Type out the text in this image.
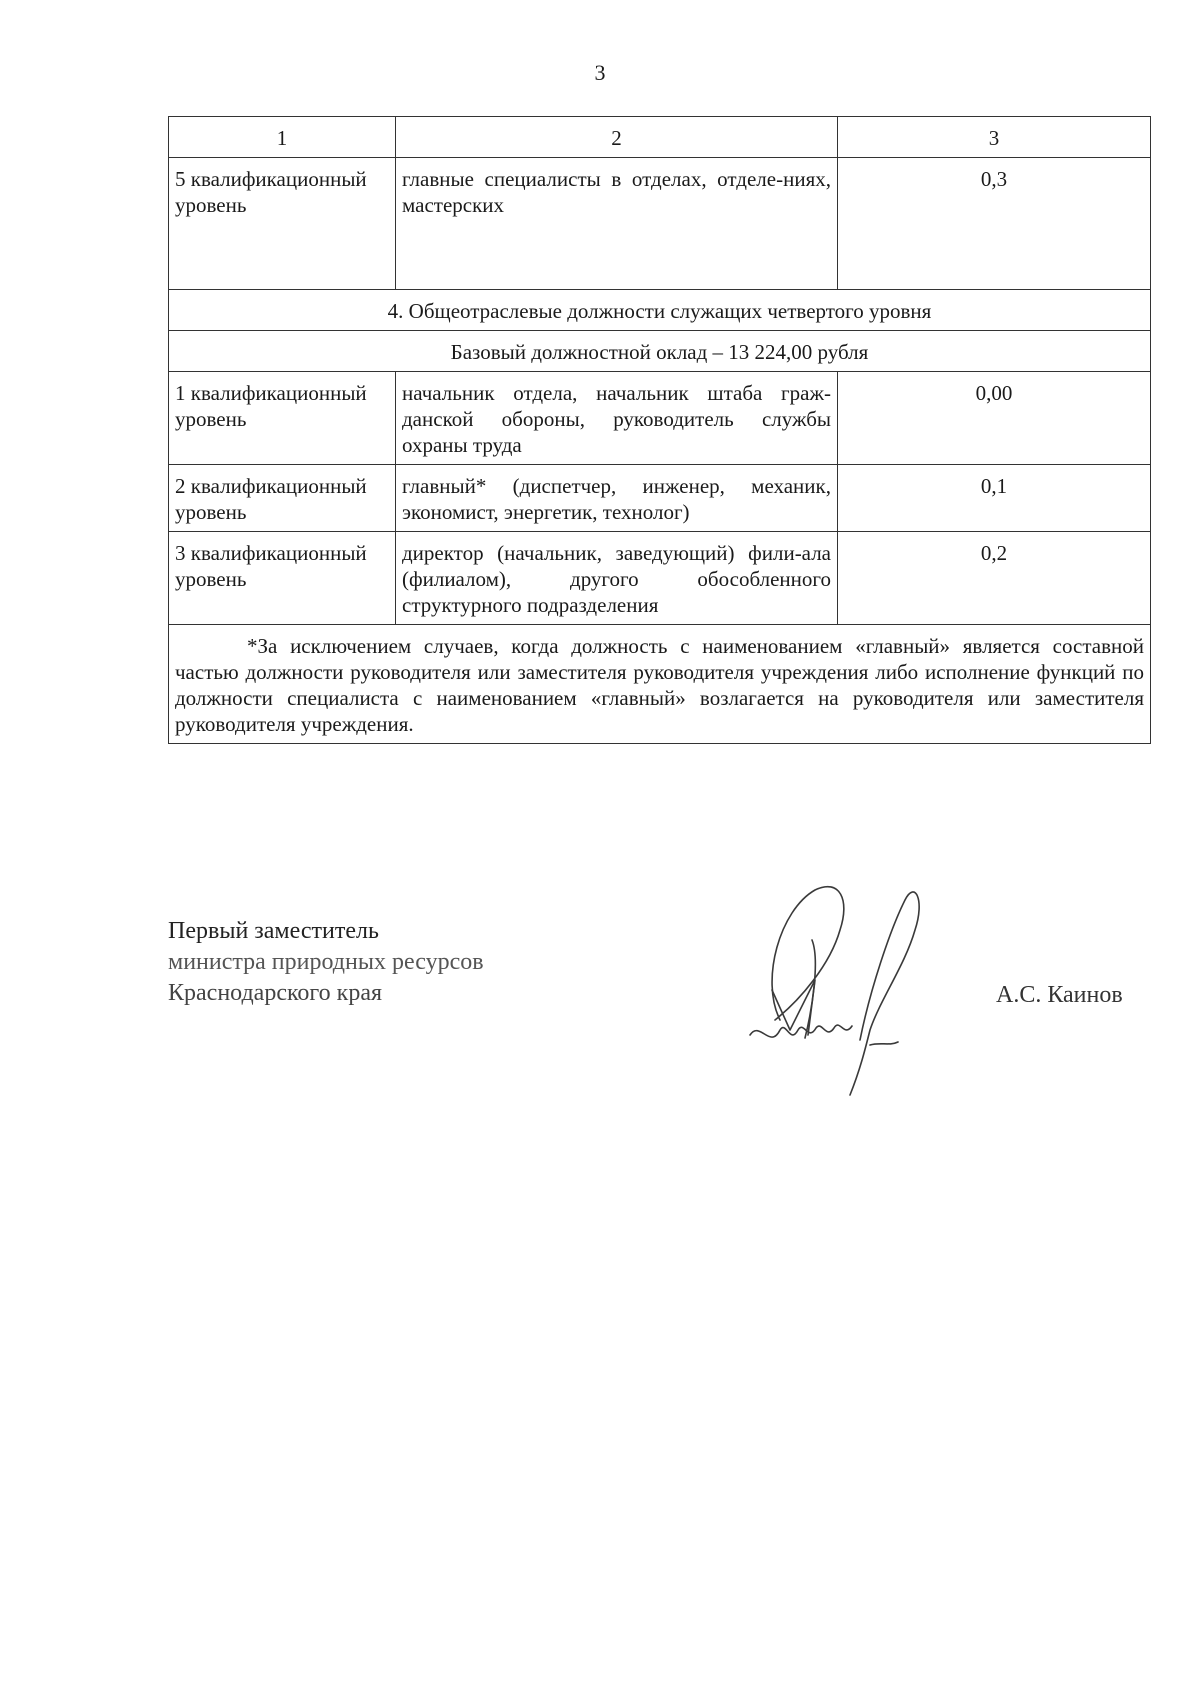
3
1	2	3
5 квалификационный уровень	главные специалисты в отделах, отделе-ниях, мастерских	0,3
4. Общеотраслевые должности служащих четвертого уровня		
Базовый должностной оклад – 13 224,00 рубля		
1 квалификационный уровень	начальник отдела, начальник штаба граж-данской обороны, руководитель службы охраны труда	0,00
2 квалификационный уровень	главный* (диспетчер, инженер, механик, экономист, энергетик, технолог)	0,1
3 квалификационный уровень	директор (начальник, заведующий) фили-ала (филиалом), другого обособленного структурного подразделения	0,2

*За исключением случаев, когда должность с наименованием «главный» является составной частью должности руководителя или заместителя руководителя учреждения либо исполнение функций по должности специалиста с наименованием «главный» возлагается на руководителя или заместителя руководителя учреждения.		
Первый заместитель
министра природных ресурсов
Краснодарского края	А.С. Каинов
